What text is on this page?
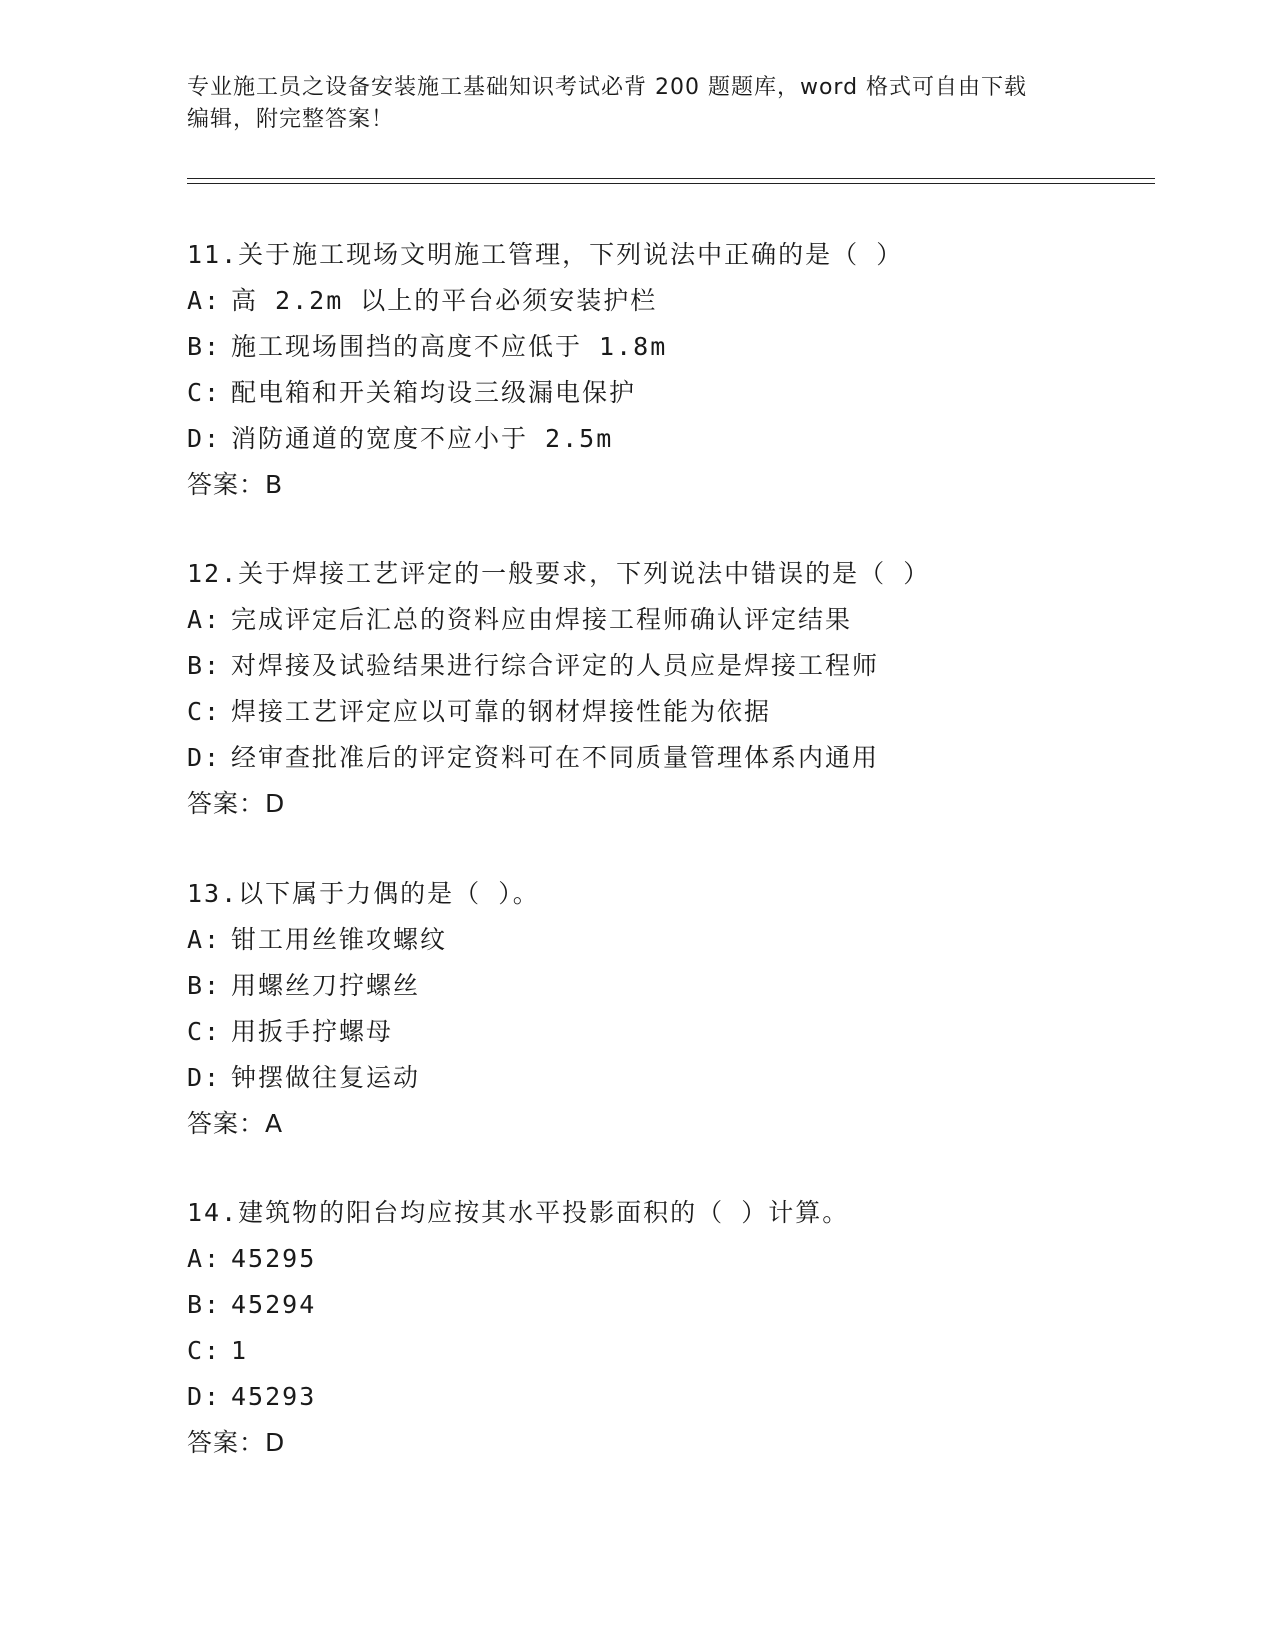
专业施工员之设备安装施工基础知识考试必背 200 题题库，word 格式可自由下载
编辑，附完整答案！
11.关于施工现场文明施工管理，下列说法中正确的是（ ）
A: 高 2.2m 以上的平台必须安装护栏
B: 施工现场围挡的高度不应低于 1.8m
C: 配电箱和开关箱均设三级漏电保护
D: 消防通道的宽度不应小于 2.5m
答案：B
12.关于焊接工艺评定的一般要求，下列说法中错误的是（ ）
A: 完成评定后汇总的资料应由焊接工程师确认评定结果
B: 对焊接及试验结果进行综合评定的人员应是焊接工程师
C: 焊接工艺评定应以可靠的钢材焊接性能为依据
D: 经审查批准后的评定资料可在不同质量管理体系内通用
答案：D
13.以下属于力偶的是（ ）。
A: 钳工用丝锥攻螺纹
B: 用螺丝刀拧螺丝
C: 用扳手拧螺母
D: 钟摆做往复运动
答案：A
14.建筑物的阳台均应按其水平投影面积的（ ）计算。
A: 45295
B: 45294
C: 1
D: 45293
答案：D
